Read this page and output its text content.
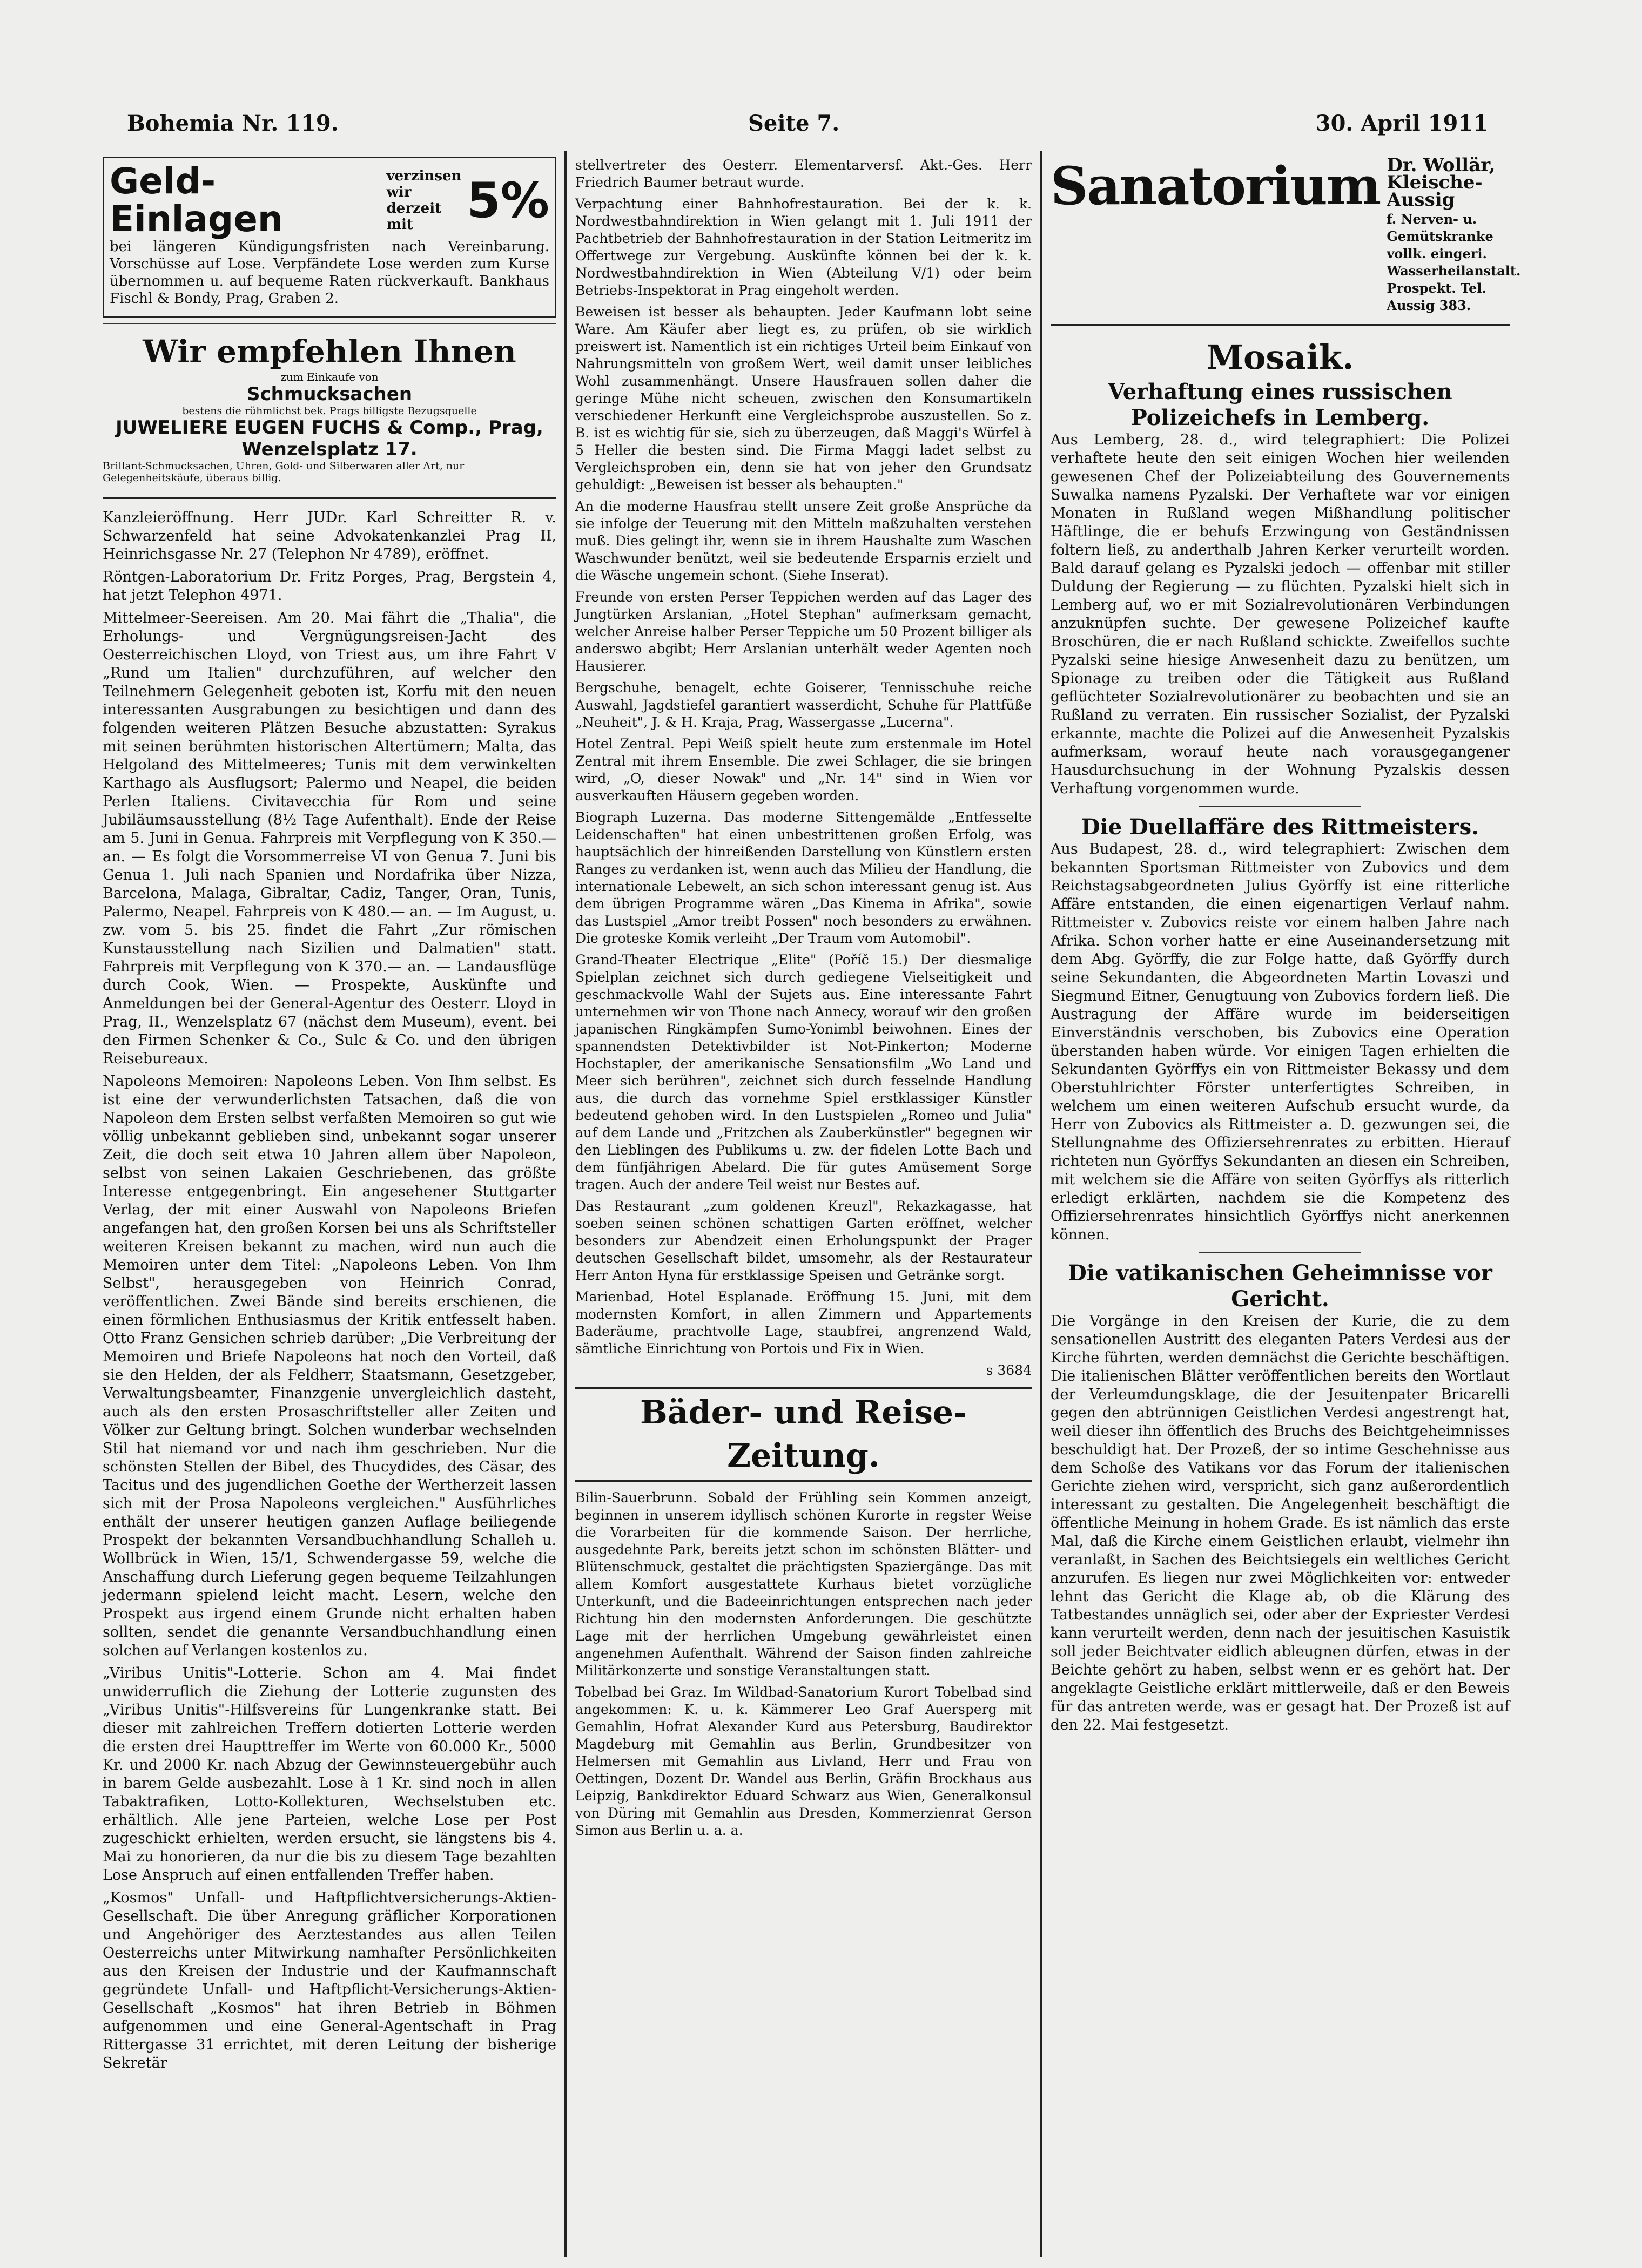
Bohemia Nr. 119.	Seite 7.	30. April 1911
Geld-Einlagen
verzinsen wir derzeit mit	5%

bei längeren Kündigungsfristen nach Vereinbarung. Vorschüsse auf Lose. Verpfändete Lose werden zum Kurse übernommen u. auf bequeme Raten rückverkauft. Bankhaus Fischl & Bondy, Prag, Graben 2.

Wir empfehlen Ihnen
zum Einkaufe von
Schmucksachen
bestens die rühmlichst bek. Prags billigste Bezugsquelle
JUWELIERE EUGEN FUCHS & Comp., Prag, Wenzelsplatz 17.
Brillant-Schmucksachen, Uhren, Gold- und Silberwaren aller Art, nur Gelegenheitskäufe, überaus billig.

Kanzleieröffnung. Herr JUDr. Karl Schreitter R. v. Schwarzenfeld hat seine Advokatenkanzlei Prag II, Heinrichsgasse Nr. 27 (Telephon Nr 4789), eröffnet.

Röntgen-Laboratorium Dr. Fritz Porges, Prag, Bergstein 4, hat jetzt Telephon 4971.

Mittelmeer-Seereisen. Am 20. Mai fährt die „Thalia", die Erholungs- und Vergnügungsreisen-Jacht des Oesterreichischen Lloyd, von Triest aus, um ihre Fahrt V „Rund um Italien" durchzuführen, auf welcher den Teilnehmern Gelegenheit geboten ist, Korfu mit den neuen interessanten Ausgrabungen zu besichtigen und dann des folgenden weiteren Plätzen Besuche abzustatten: Syrakus mit seinen berühmten historischen Altertümern; Malta, das Helgoland des Mittelmeeres; Tunis mit dem verwinkelten Karthago als Ausflugsort; Palermo und Neapel, die beiden Perlen Italiens. Civitavecchia für Rom und seine Jubiläumsausstellung (8½ Tage Aufenthalt). Ende der Reise am 5. Juni in Genua. Fahrpreis mit Verpflegung von K 350.— an. — Es folgt die Vorsommerreise VI von Genua 7. Juni bis Genua 1. Juli nach Spanien und Nordafrika über Nizza, Barcelona, Malaga, Gibraltar, Cadiz, Tanger, Oran, Tunis, Palermo, Neapel. Fahrpreis von K 480.— an. — Im August, u. zw. vom 5. bis 25. findet die Fahrt „Zur römischen Kunstausstellung nach Sizilien und Dalmatien" statt. Fahrpreis mit Verpflegung von K 370.— an. — Landausflüge durch Cook, Wien. — Prospekte, Auskünfte und Anmeldungen bei der General-Agentur des Oesterr. Lloyd in Prag, II., Wenzelsplatz 67 (nächst dem Museum), event. bei den Firmen Schenker & Co., Sulc & Co. und den übrigen Reisebureaux.

Napoleons Memoiren: Napoleons Leben. Von Ihm selbst. Es ist eine der verwunderlichsten Tatsachen, daß die von Napoleon dem Ersten selbst verfaßten Memoiren so gut wie völlig unbekannt geblieben sind, unbekannt sogar unserer Zeit, die doch seit etwa 10 Jahren allem über Napoleon, selbst von seinen Lakaien Geschriebenen, das größte Interesse entgegenbringt. Ein angesehener Stuttgarter Verlag, der mit einer Auswahl von Napoleons Briefen angefangen hat, den großen Korsen bei uns als Schriftsteller weiteren Kreisen bekannt zu machen, wird nun auch die Memoiren unter dem Titel: „Napoleons Leben. Von Ihm Selbst", herausgegeben von Heinrich Conrad, veröffentlichen. Zwei Bände sind bereits erschienen, die einen förmlichen Enthusiasmus der Kritik entfesselt haben. Otto Franz Gensichen schrieb darüber: „Die Verbreitung der Memoiren und Briefe Napoleons hat noch den Vorteil, daß sie den Helden, der als Feldherr, Staatsmann, Gesetzgeber, Verwaltungsbeamter, Finanzgenie unvergleichlich dasteht, auch als den ersten Prosaschriftsteller aller Zeiten und Völker zur Geltung bringt. Solchen wunderbar wechselnden Stil hat niemand vor und nach ihm geschrieben. Nur die schönsten Stellen der Bibel, des Thucydides, des Cäsar, des Tacitus und des jugendlichen Goethe der Wertherzeit lassen sich mit der Prosa Napoleons vergleichen." Ausführliches enthält der unserer heutigen ganzen Auflage beiliegende Prospekt der bekannten Versandbuchhandlung Schalleh u. Wollbrück in Wien, 15/1, Schwendergasse 59, welche die Anschaffung durch Lieferung gegen bequeme Teilzahlungen jedermann spielend leicht macht. Lesern, welche den Prospekt aus irgend einem Grunde nicht erhalten haben sollten, sendet die genannte Versandbuchhandlung einen solchen auf Verlangen kostenlos zu.

„Viribus Unitis"-Lotterie. Schon am 4. Mai findet unwiderruflich die Ziehung der Lotterie zugunsten des „Viribus Unitis"-Hilfsvereins für Lungenkranke statt. Bei dieser mit zahlreichen Treffern dotierten Lotterie werden die ersten drei Haupttreffer im Werte von 60.000 Kr., 5000 Kr. und 2000 Kr. nach Abzug der Gewinnsteuergebühr auch in barem Gelde ausbezahlt. Lose à 1 Kr. sind noch in allen Tabaktrafiken, Lotto-Kollekturen, Wechselstuben etc. erhältlich. Alle jene Parteien, welche Lose per Post zugeschickt erhielten, werden ersucht, sie längstens bis 4. Mai zu honorieren, da nur die bis zu diesem Tage bezahlten Lose Anspruch auf einen entfallenden Treffer haben.

„Kosmos" Unfall- und Haftpflichtversicherungs-Aktien-Gesellschaft. Die über Anregung gräflicher Korporationen und Angehöriger des Aerztestandes aus allen Teilen Oesterreichs unter Mitwirkung namhafter Persönlichkeiten aus den Kreisen der Industrie und der Kaufmannschaft gegründete Unfall- und Haftpflicht-Versicherungs-Aktien-Gesellschaft „Kosmos" hat ihren Betrieb in Böhmen aufgenommen und eine General-Agentschaft in Prag Rittergasse 31 errichtet, mit deren Leitung der bisherige Sekretär

stellvertreter des Oesterr. Elementarversf. Akt.-Ges. Herr Friedrich Baumer betraut wurde.

Verpachtung einer Bahnhofrestauration. Bei der k. k. Nordwestbahndirektion in Wien gelangt mit 1. Juli 1911 der Pachtbetrieb der Bahnhofrestauration in der Station Leitmeritz im Offertwege zur Vergebung. Auskünfte können bei der k. k. Nordwestbahndirektion in Wien (Abteilung V/1) oder beim Betriebs-Inspektorat in Prag eingeholt werden.

Beweisen ist besser als behaupten. Jeder Kaufmann lobt seine Ware. Am Käufer aber liegt es, zu prüfen, ob sie wirklich preiswert ist. Namentlich ist ein richtiges Urteil beim Einkauf von Nahrungsmitteln von großem Wert, weil damit unser leibliches Wohl zusammenhängt. Unsere Hausfrauen sollen daher die geringe Mühe nicht scheuen, zwischen den Konsumartikeln verschiedener Herkunft eine Vergleichsprobe auszustellen. So z. B. ist es wichtig für sie, sich zu überzeugen, daß Maggi's Würfel à 5 Heller die besten sind. Die Firma Maggi ladet selbst zu Vergleichsproben ein, denn sie hat von jeher den Grundsatz gehuldigt: „Beweisen ist besser als behaupten."

An die moderne Hausfrau stellt unsere Zeit große Ansprüche da sie infolge der Teuerung mit den Mitteln maßzuhalten verstehen muß. Dies gelingt ihr, wenn sie in ihrem Haushalte zum Waschen Waschwunder benützt, weil sie bedeutende Ersparnis erzielt und die Wäsche ungemein schont. (Siehe Inserat).

Freunde von ersten Perser Teppichen werden auf das Lager des Jungtürken Arslanian, „Hotel Stephan" aufmerksam gemacht, welcher Anreise halber Perser Teppiche um 50 Prozent billiger als anderswo abgibt; Herr Arslanian unterhält weder Agenten noch Hausierer.

Bergschuhe, benagelt, echte Goiserer, Tennisschuhe reiche Auswahl, Jagdstiefel garantiert wasserdicht, Schuhe für Plattfüße „Neuheit", J. & H. Kraja, Prag, Wassergasse „Lucerna".

Hotel Zentral. Pepi Weiß spielt heute zum erstenmale im Hotel Zentral mit ihrem Ensemble. Die zwei Schlager, die sie bringen wird, „O, dieser Nowak" und „Nr. 14" sind in Wien vor ausverkauften Häusern gegeben worden.

Biograph Luzerna. Das moderne Sittengemälde „Entfesselte Leidenschaften" hat einen unbestrittenen großen Erfolg, was hauptsächlich der hinreißenden Darstellung von Künstlern ersten Ranges zu verdanken ist, wenn auch das Milieu der Handlung, die internationale Lebewelt, an sich schon interessant genug ist. Aus dem übrigen Programme wären „Das Kinema in Afrika", sowie das Lustspiel „Amor treibt Possen" noch besonders zu erwähnen. Die groteske Komik verleiht „Der Traum vom Automobil".

Grand-Theater Electrique „Elite" (Poříč 15.) Der diesmalige Spielplan zeichnet sich durch gediegene Vielseitigkeit und geschmackvolle Wahl der Sujets aus. Eine interessante Fahrt unternehmen wir von Thone nach Annecy, worauf wir den großen japanischen Ringkämpfen Sumo-Yonimbl beiwohnen. Eines der spannendsten Detektivbilder ist Not-Pinkerton; Moderne Hochstapler, der amerikanische Sensationsfilm „Wo Land und Meer sich berühren", zeichnet sich durch fesselnde Handlung aus, die durch das vornehme Spiel erstklassiger Künstler bedeutend gehoben wird. In den Lustspielen „Romeo und Julia" auf dem Lande und „Fritzchen als Zauberkünstler" begegnen wir den Lieblingen des Publikums u. zw. der fidelen Lotte Bach und dem fünfjährigen Abelard. Die für gutes Amüsement Sorge tragen. Auch der andere Teil weist nur Bestes auf.

Das Restaurant „zum goldenen Kreuzl", Rekazkagasse, hat soeben seinen schönen schattigen Garten eröffnet, welcher besonders zur Abendzeit einen Erholungspunkt der Prager deutschen Gesellschaft bildet, umsomehr, als der Restaurateur Herr Anton Hyna für erstklassige Speisen und Getränke sorgt.

Marienbad, Hotel Esplanade. Eröffnung 15. Juni, mit dem modernsten Komfort, in allen Zimmern und Appartements Baderäume, prachtvolle Lage, staubfrei, angrenzend Wald, sämtliche Einrichtung von Portois und Fix in Wien.

s 3684

Bäder- und Reise-Zeitung.

Bilin-Sauerbrunn. Sobald der Frühling sein Kommen anzeigt, beginnen in unserem idyllisch schönen Kurorte in regster Weise die Vorarbeiten für die kommende Saison. Der herrliche, ausgedehnte Park, bereits jetzt schon im schönsten Blätter- und Blütenschmuck, gestaltet die prächtigsten Spaziergänge. Das mit allem Komfort ausgestattete Kurhaus bietet vorzügliche Unterkunft, und die Badeeinrichtungen entsprechen nach jeder Richtung hin den modernsten Anforderungen. Die geschützte Lage mit der herrlichen Umgebung gewährleistet einen angenehmen Aufenthalt. Während der Saison finden zahlreiche Militärkonzerte und sonstige Veranstaltungen statt.

Tobelbad bei Graz. Im Wildbad-Sanatorium Kurort Tobelbad sind angekommen: K. u. k. Kämmerer Leo Graf Auersperg mit Gemahlin, Hofrat Alexander Kurd aus Petersburg, Baudirektor Magdeburg mit Gemahlin aus Berlin, Grundbesitzer von Helmersen mit Gemahlin aus Livland, Herr und Frau von Oettingen, Dozent Dr. Wandel aus Berlin, Gräfin Brockhaus aus Leipzig, Bankdirektor Eduard Schwarz aus Wien, Generalkonsul von Düring mit Gemahlin aus Dresden, Kommerzienrat Gerson Simon aus Berlin u. a. a.

Sanatorium Dr. Wollär, Kleische-Aussig
f. Nerven- u. Gemütskranke
vollk. eingeri. Wasserheilanstalt.
Prospekt. Tel. Aussig 383.
Mosaik.
Verhaftung eines russischen Polizeichefs in Lemberg.

Aus Lemberg, 28. d., wird telegraphiert: Die Polizei verhaftete heute den seit einigen Wochen hier weilenden gewesenen Chef der Polizeiabteilung des Gouvernements Suwalka namens Pyzalski. Der Verhaftete war vor einigen Monaten in Rußland wegen Mißhandlung politischer Häftlinge, die er behufs Erzwingung von Geständnissen foltern ließ, zu anderthalb Jahren Kerker verurteilt worden. Bald darauf gelang es Pyzalski jedoch — offenbar mit stiller Duldung der Regierung — zu flüchten. Pyzalski hielt sich in Lemberg auf, wo er mit Sozialrevolutionären Verbindungen anzuknüpfen suchte. Der gewesene Polizeichef kaufte Broschüren, die er nach Rußland schickte. Zweifellos suchte Pyzalski seine hiesige Anwesenheit dazu zu benützen, um Spionage zu treiben oder die Tätigkeit aus Rußland geflüchteter Sozialrevolutionärer zu beobachten und sie an Rußland zu verraten. Ein russischer Sozialist, der Pyzalski erkannte, machte die Polizei auf die Anwesenheit Pyzalskis aufmerksam, worauf heute nach vorausgegangener Hausdurchsuchung in der Wohnung Pyzalskis dessen Verhaftung vorgenommen wurde.

Die Duellaffäre des Rittmeisters.

Aus Budapest, 28. d., wird telegraphiert: Zwischen dem bekannten Sportsman Rittmeister von Zubovics und dem Reichstagsabgeordneten Julius Györffy ist eine ritterliche Affäre entstanden, die einen eigenartigen Verlauf nahm. Rittmeister v. Zubovics reiste vor einem halben Jahre nach Afrika. Schon vorher hatte er eine Auseinandersetzung mit dem Abg. Györffy, die zur Folge hatte, daß Györffy durch seine Sekundanten, die Abgeordneten Martin Lovaszi und Siegmund Eitner, Genugtuung von Zubovics fordern ließ. Die Austragung der Affäre wurde im beiderseitigen Einverständnis verschoben, bis Zubovics eine Operation überstanden haben würde. Vor einigen Tagen erhielten die Sekundanten Györffys ein von Rittmeister Bekassy und dem Oberstuhlrichter Förster unterfertigtes Schreiben, in welchem um einen weiteren Aufschub ersucht wurde, da Herr von Zubovics als Rittmeister a. D. gezwungen sei, die Stellungnahme des Offiziersehrenrates zu erbitten. Hierauf richteten nun Györffys Sekundanten an diesen ein Schreiben, mit welchem sie die Affäre von seiten Györffys als ritterlich erledigt erklärten, nachdem sie die Kompetenz des Offiziersehrenrates hinsichtlich Györffys nicht anerkennen können.

Die vatikanischen Geheimnisse vor Gericht.

Die Vorgänge in den Kreisen der Kurie, die zu dem sensationellen Austritt des eleganten Paters Verdesi aus der Kirche führten, werden demnächst die Gerichte beschäftigen. Die italienischen Blätter veröffentlichen bereits den Wortlaut der Verleumdungsklage, die der Jesuitenpater Bricarelli gegen den abtrünnigen Geistlichen Verdesi angestrengt hat, weil dieser ihn öffentlich des Bruchs des Beichtgeheimnisses beschuldigt hat. Der Prozeß, der so intime Geschehnisse aus dem Schoße des Vatikans vor das Forum der italienischen Gerichte ziehen wird, verspricht, sich ganz außerordentlich interessant zu gestalten. Die Angelegenheit beschäftigt die öffentliche Meinung in hohem Grade. Es ist nämlich das erste Mal, daß die Kirche einem Geistlichen erlaubt, vielmehr ihn veranlaßt, in Sachen des Beichtsiegels ein weltliches Gericht anzurufen. Es liegen nur zwei Möglichkeiten vor: entweder lehnt das Gericht die Klage ab, ob die Klärung des Tatbestandes unnäglich sei, oder aber der Expriester Verdesi kann verurteilt werden, denn nach der jesuitischen Kasuistik soll jeder Beichtvater eidlich ableugnen dürfen, etwas in der Beichte gehört zu haben, selbst wenn er es gehört hat. Der angeklagte Geistliche erklärt mittlerweile, daß er den Beweis für das antreten werde, was er gesagt hat. Der Prozeß ist auf den 22. Mai festgesetzt.
